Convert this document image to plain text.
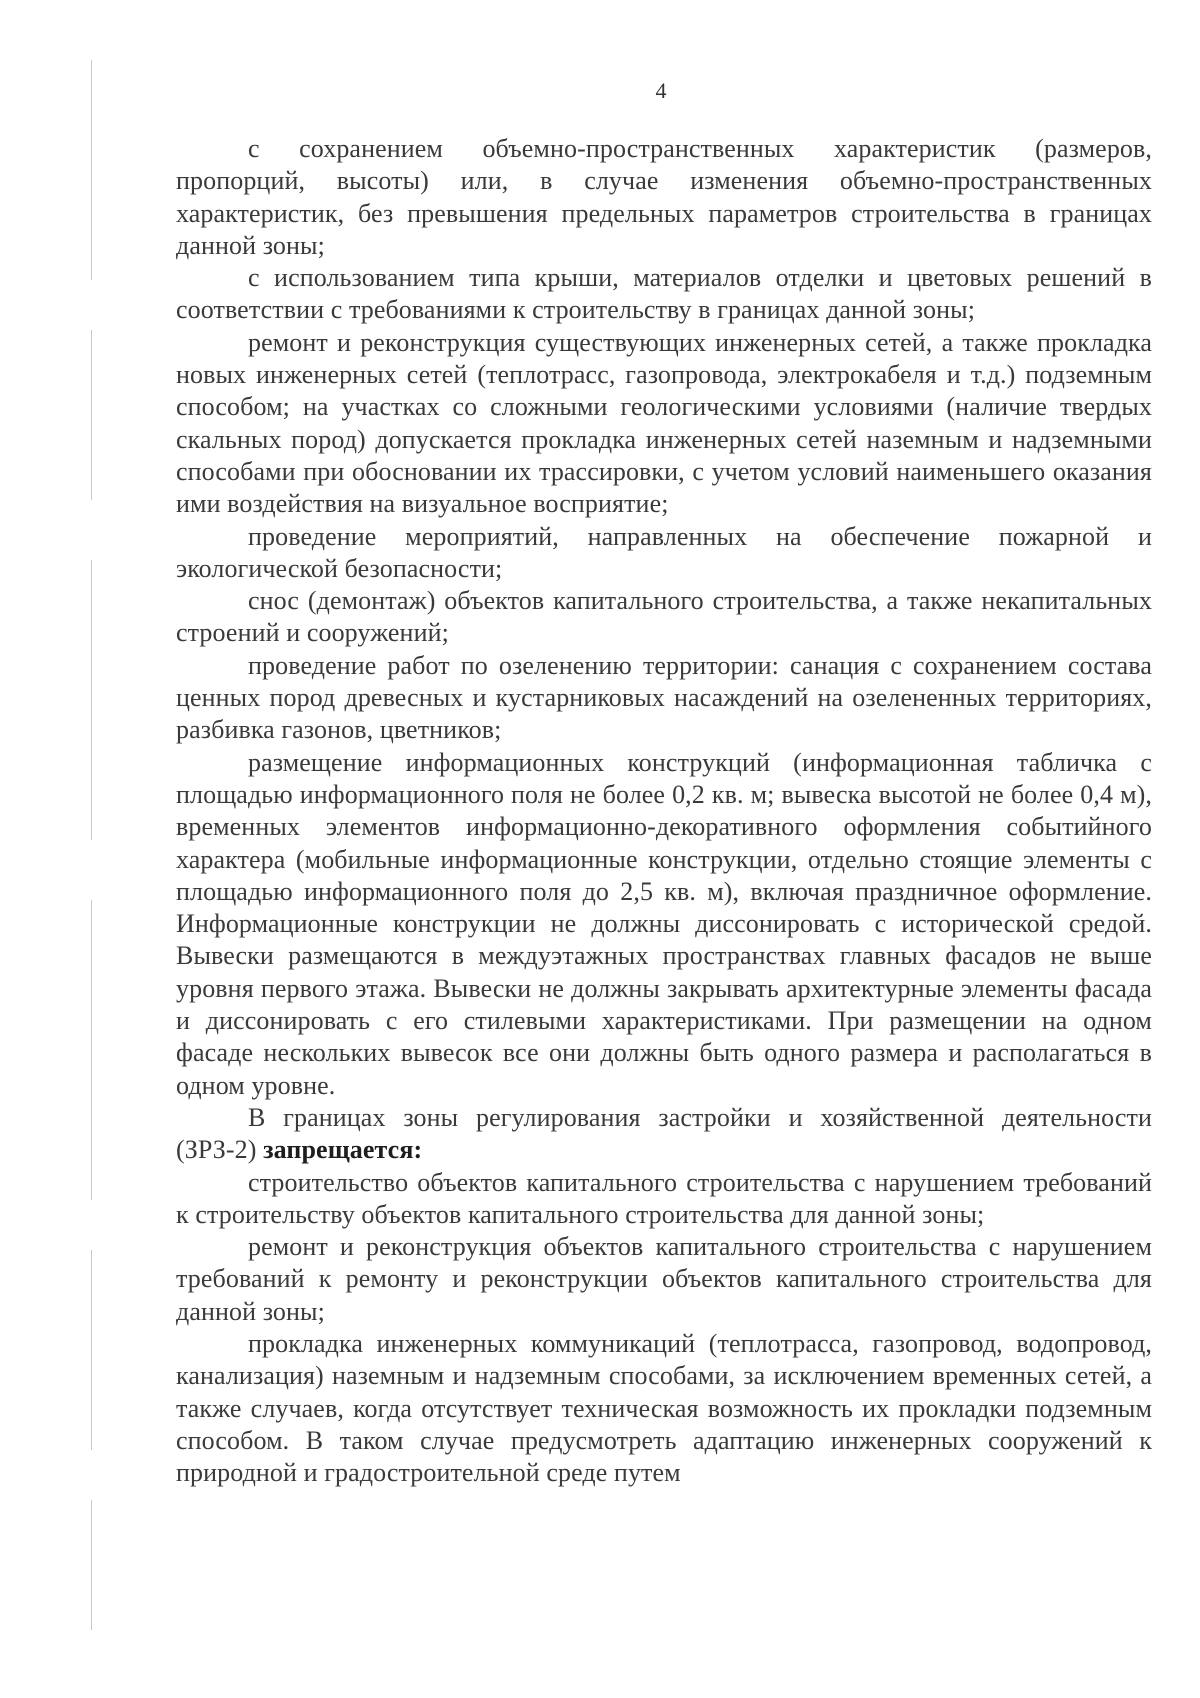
4

с сохранением объемно-пространственных характеристик (размеров, пропорций, высоты) или, в случае изменения объемно-пространственных характеристик, без превышения предельных параметров строительства в границах данной зоны;

с использованием типа крыши, материалов отделки и цветовых решений в соответствии с требованиями к строительству в границах данной зоны;

ремонт и реконструкция существующих инженерных сетей, а также прокладка новых инженерных сетей (теплотрасс, газопровода, электрокабеля и т.д.) подземным способом; на участках со сложными геологическими условиями (наличие твердых скальных пород) допускается прокладка инженерных сетей наземным и надземными способами при обосновании их трассировки, с учетом условий наименьшего оказания ими воздействия на визуальное восприятие;

проведение мероприятий, направленных на обеспечение пожарной и экологической безопасности;

снос (демонтаж) объектов капитального строительства, а также некапитальных строений и сооружений;

проведение работ по озеленению территории: санация с сохранением состава ценных пород древесных и кустарниковых насаждений на озелененных территориях, разбивка газонов, цветников;

размещение информационных конструкций (информационная табличка с площадью информационного поля не более 0,2 кв. м; вывеска высотой не более 0,4 м), временных элементов информационно-декоративного оформления событийного характера (мобильные информационные конструкции, отдельно стоящие элементы с площадью информационного поля до 2,5 кв. м), включая праздничное оформление. Информационные конструкции не должны диссонировать с исторической средой. Вывески размещаются в междуэтажных пространствах главных фасадов не выше уровня первого этажа. Вывески не должны закрывать архитектурные элементы фасада и диссонировать с его стилевыми характеристиками. При размещении на одном фасаде нескольких вывесок все они должны быть одного размера и располагаться в одном уровне.

В границах зоны регулирования застройки и хозяйственной деятельности (ЗРЗ-2) запрещается:

строительство объектов капитального строительства с нарушением требований к строительству объектов капитального строительства для данной зоны;

ремонт и реконструкция объектов капитального строительства с нарушением требований к ремонту и реконструкции объектов капитального строительства для данной зоны;

прокладка инженерных коммуникаций (теплотрасса, газопровод, водопровод, канализация) наземным и надземным способами, за исключением временных сетей, а также случаев, когда отсутствует техническая возможность их прокладки подземным способом. В таком случае предусмотреть адаптацию инженерных сооружений к природной и градостроительной среде путем
